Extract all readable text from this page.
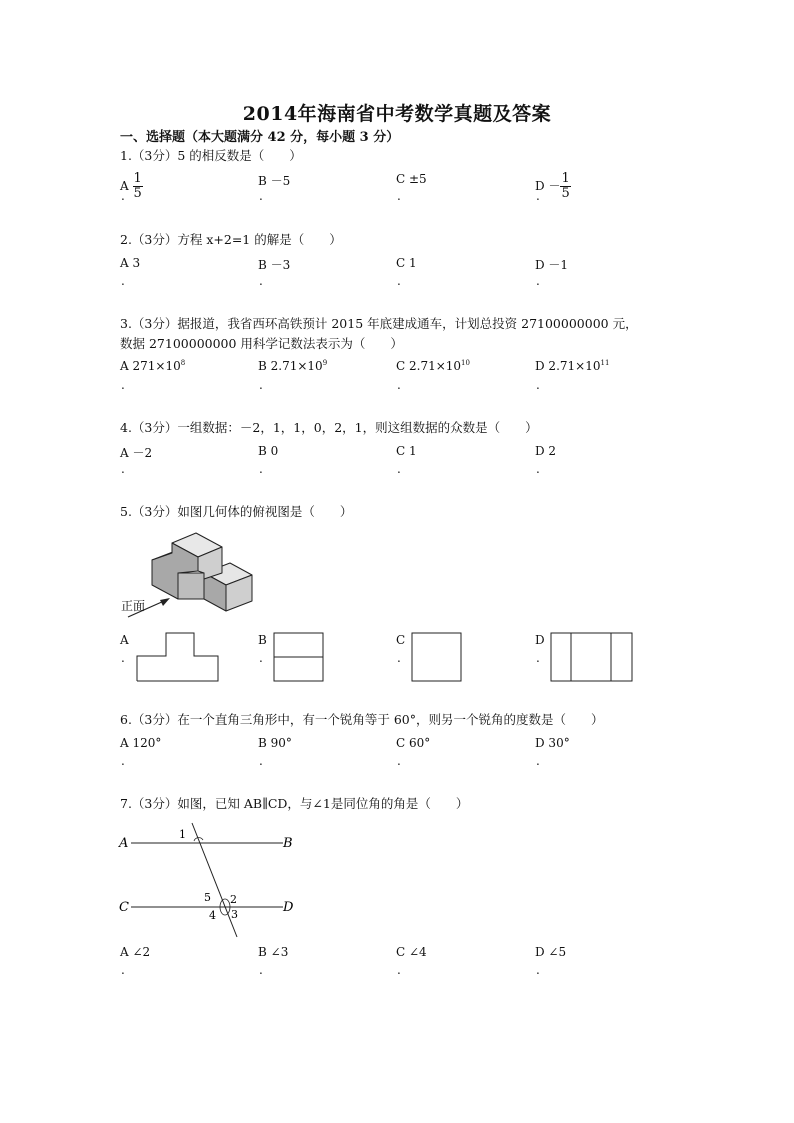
2014年海南省中考数学真题及答案
一、选择题（本大题满分 42 分，每小题 3 分）
1.（3分）5 的相反数是（　　）
A $\frac{1}{5}$	B －5	C ±5	$D - \frac{1}{5}$
.	.	.	.
2.（3分）方程 x+2=1 的解是（　　）
A 3	B －3	C 1	D －1
.	.	.	.
3.（3分）据报道，我省西环高铁预计 2015 年底建成通车，计划总投资 27100000000 元，
数据 27100000000 用科学记数法表示为（　　）
A $271\times 10^8$	B $2.71\times 10^9$	C $2.71\times 10^{10}$	D $2.71\times 10^{11}$
.	.	.	.
4.（3分）一组数据：－2，1，1，0，2，1，则这组数据的众数是（　　）
A －2	B 0	C 1	D 2
.	.	.	.
5.（3分）如图几何体的俯视图是（　　）
正面
A	B	C	D
.	.	.	.
6.（3分）在一个直角三角形中，有一个锐角等于 60°，则另一个锐角的度数是（　　）
A 120°	B 90°	C 60°	D 30°
.	.	.	.
7.（3分）如图，已知 AB∥CD，与∠1是同位角的角是（　　）
A	B
C	D
1
2
3
4
5
A ∠2	B ∠3	C ∠4	D ∠5
.	.	.	.
